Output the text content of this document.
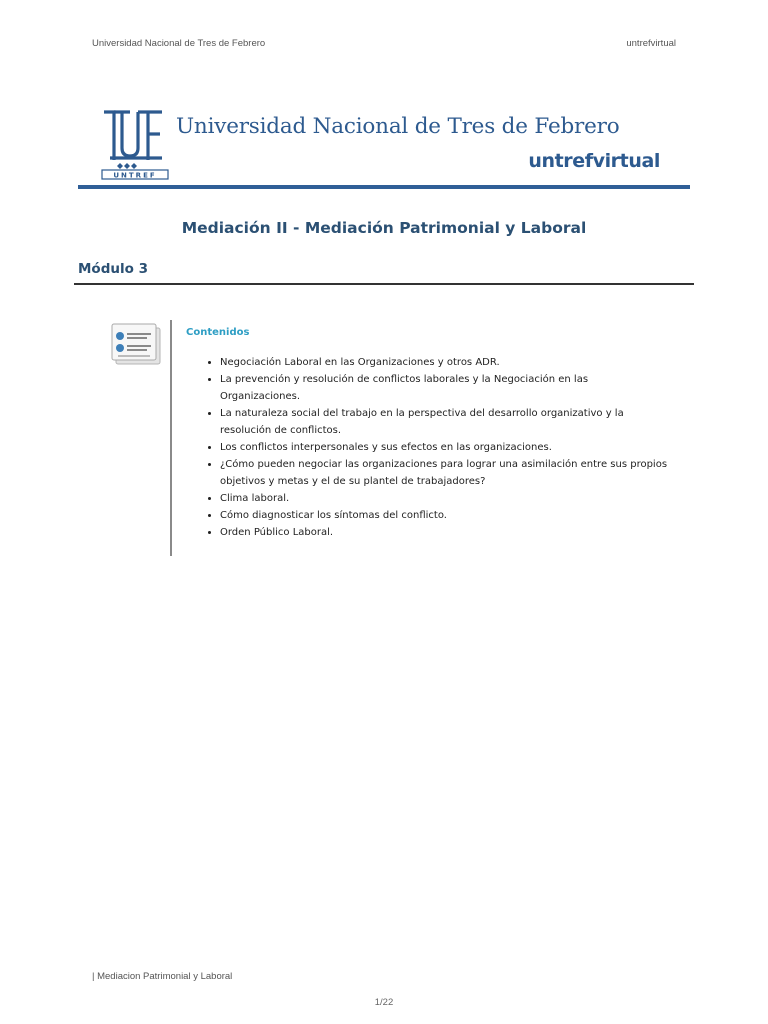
Universidad Nacional de Tres de Febrero	untrefvirtual
UNTREF
Universidad Nacional de Tres de Febrero
untrefvirtual
Mediación II - Mediación Patrimonial y Laboral
Módulo 3
Contenidos
• Negociación Laboral en las Organizaciones y otros ADR.
• La prevención y resolución de conflictos laborales y la Negociación en las Organizaciones.
• La naturaleza social del trabajo en la perspectiva del desarrollo organizativo y la resolución de conflictos.
• Los conflictos interpersonales y sus efectos en las organizaciones.
• ¿Cómo pueden negociar las organizaciones para lograr una asimilación entre sus propios objetivos y metas y el de su plantel de trabajadores?
• Clima laboral.
• Cómo diagnosticar los síntomas del conflicto.
• Orden Público Laboral.
| Mediacion Patrimonial y Laboral
1/22
